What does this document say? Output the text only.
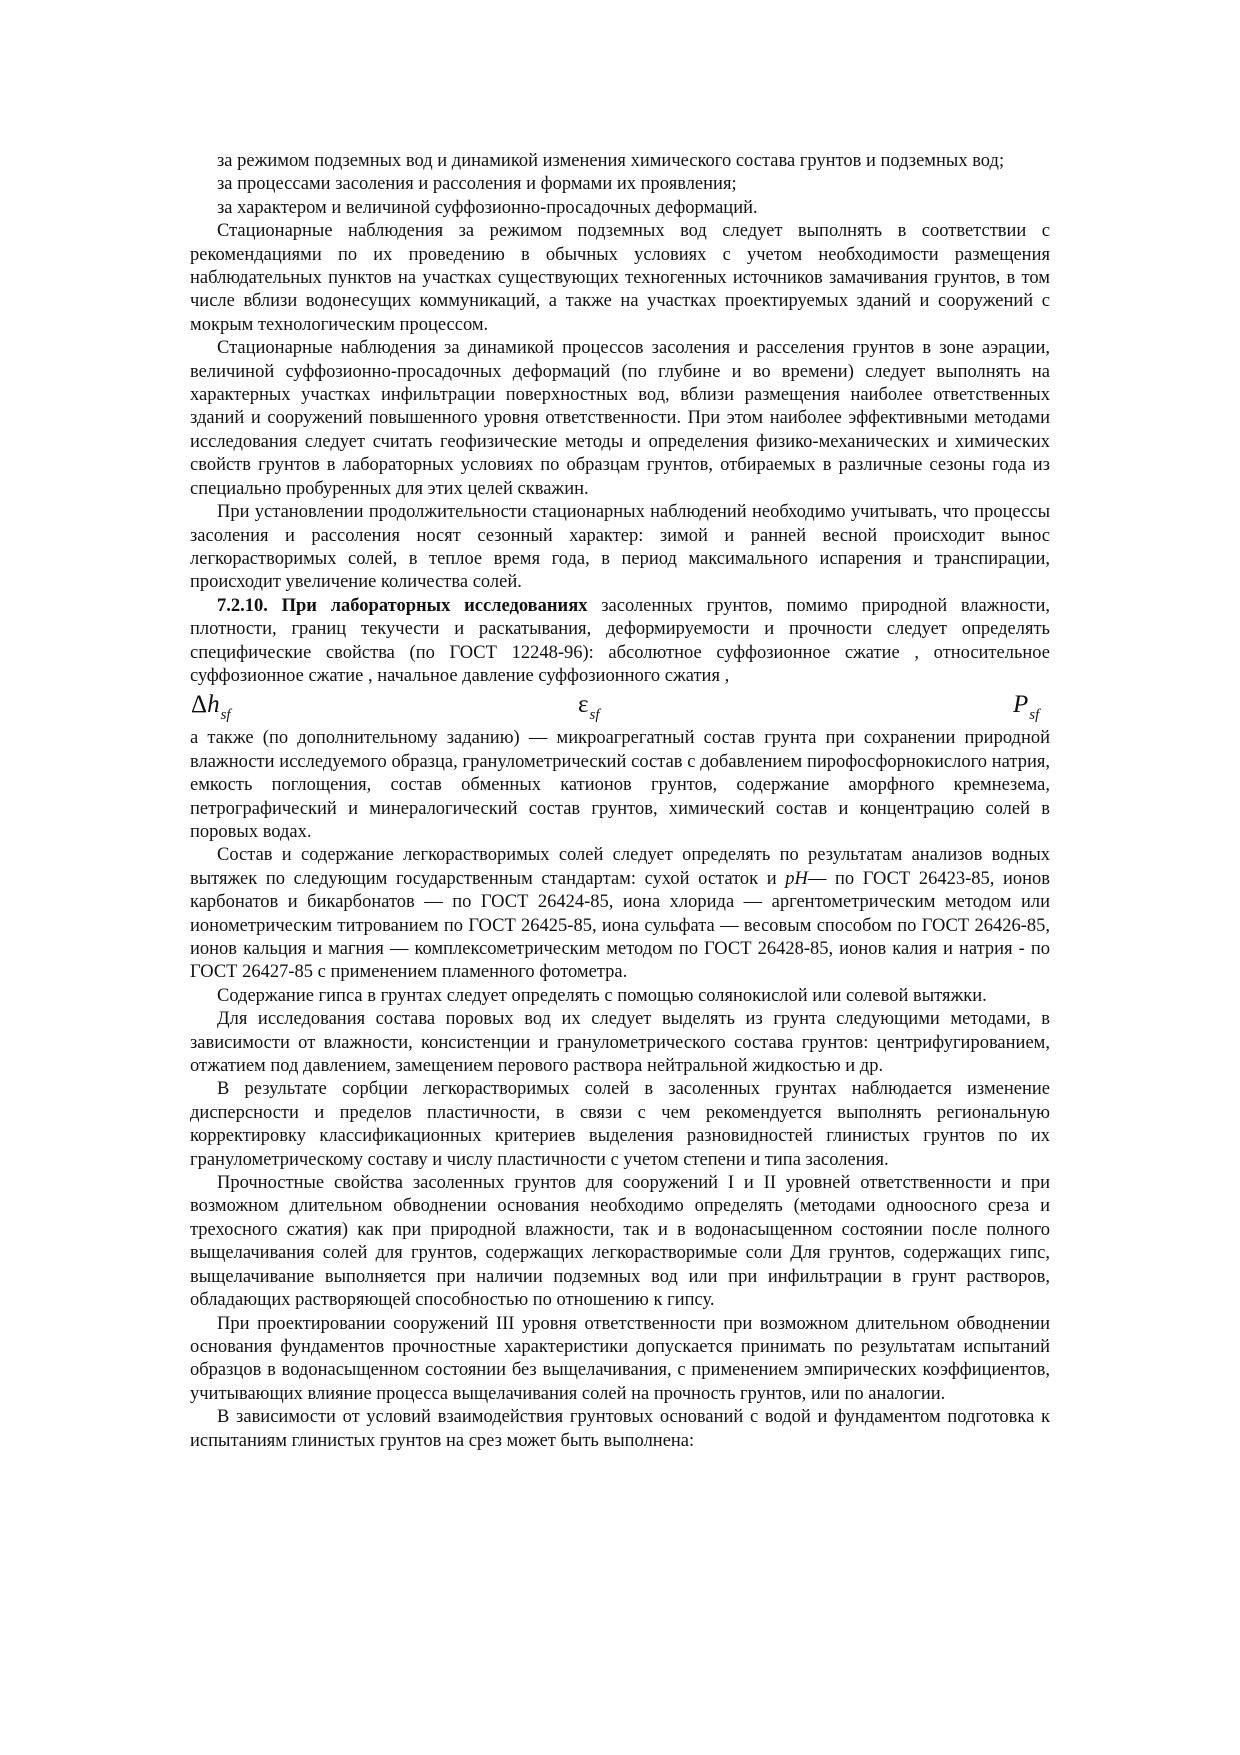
за режимом подземных вод и динамикой изменения химического состава грунтов и подземных вод;

за процессами засоления и рассоления и формами их проявления;

за характером и величиной суффозионно-просадочных деформаций.

Стационарные наблюдения за режимом подземных вод следует выполнять в соответствии с рекомендациями по их проведению в обычных условиях с учетом необходимости размещения наблюдательных пунктов на участках существующих техногенных источников замачивания грунтов, в том числе вблизи водонесущих коммуникаций, а также на участках проектируемых зданий и сооружений с мокрым технологическим процессом.

Стационарные наблюдения за динамикой процессов засоления и расселения грунтов в зоне аэрации, величиной суффозионно-просадочных деформаций (по глубине и во времени) следует выполнять на характерных участках инфильтрации поверхностных вод, вблизи размещения наиболее ответственных зданий и сооружений повышенного уровня ответственности. При этом наиболее эффективными методами исследования следует считать геофизические методы и определения физико-механических и химических свойств грунтов в лабораторных условиях по образцам грунтов, отбираемых в различные сезоны года из специально пробуренных для этих целей скважин.

При установлении продолжительности стационарных наблюдений необходимо учитывать, что процессы засоления и рассоления носят сезонный характер: зимой и ранней весной происходит вынос легкорастворимых солей, в теплое время года, в период максимального испарения и транспирации, происходит увеличение количества солей.

7.2.10. При лабораторных исследованиях засоленных грунтов, помимо природной влажности, плотности, границ текучести и раскатывания, деформируемости и прочности следует определять специфические свойства (по ГОСТ 12248-96): абсолютное суффозионное сжатие , относительное суффозионное сжатие , начальное давление суффозионного сжатия ,

$\Delta h_{sf}$	$\varepsilon_{sf}$	$P_{sf}$

а также (по дополнительному заданию) — микроагрегатный состав грунта при сохранении природной влажности исследуемого образца, гранулометрический состав с добавлением пирофосфорнокислого натрия, емкость поглощения, состав обменных катионов грунтов, содержание аморфного кремнезема, петрографический и минералогический состав грунтов, химический состав и концентрацию солей в поровых водах.

Состав и содержание легкорастворимых солей следует определять по результатам анализов водных вытяжек по следующим государственным стандартам: сухой остаток и pH— по ГОСТ 26423-85, ионов карбонатов и бикарбонатов — по ГОСТ 26424-85, иона хлорида — аргентометрическим методом или ионометрическим титрованием по ГОСТ 26425-85, иона сульфата — весовым способом по ГОСТ 26426-85, ионов кальция и магния — комплексометрическим методом по ГОСТ 26428-85, ионов калия и натрия - по ГОСТ 26427-85 с применением пламенного фотометра.

Содержание гипса в грунтах следует определять с помощью солянокислой или солевой вытяжки.

Для исследования состава поровых вод их следует выделять из грунта следующими методами, в зависимости от влажности, консистенции и гранулометрического состава грунтов: центрифугированием, отжатием под давлением, замещением перового раствора нейтральной жидкостью и др.

В результате сорбции легкорастворимых солей в засоленных грунтах наблюдается изменение дисперсности и пределов пластичности, в связи с чем рекомендуется выполнять региональную корректировку классификационных критериев выделения разновидностей глинистых грунтов по их гранулометрическому составу и числу пластичности с учетом степени и типа засоления.

Прочностные свойства засоленных грунтов для сооружений I и II уровней ответственности и при возможном длительном обводнении основания необходимо определять (методами одноосного среза и трехосного сжатия) как при природной влажности, так и в водонасыщенном состоянии после полного выщелачивания солей для грунтов, содержащих легкорастворимые соли Для грунтов, содержащих гипс, выщелачивание выполняется при наличии подземных вод или при инфильтрации в грунт растворов, обладающих растворяющей способностью по отношению к гипсу.

При проектировании сооружений III уровня ответственности при возможном длительном обводнении основания фундаментов прочностные характеристики допускается принимать по результатам испытаний образцов в водонасыщенном состоянии без выщелачивания, с применением эмпирических коэффициентов, учитывающих влияние процесса выщелачивания солей на прочность грунтов, или по аналогии.

В зависимости от условий взаимодействия грунтовых оснований с водой и фундаментом подготовка к испытаниям глинистых грунтов на срез может быть выполнена:
